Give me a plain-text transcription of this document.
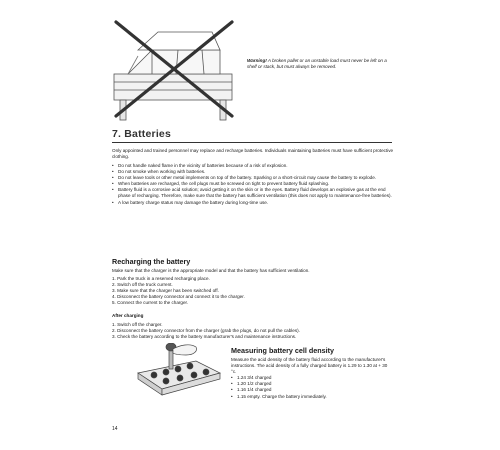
Warning! A broken pallet or an unstable load must never be left on a shelf or stack, but must always be removed.
7. Batteries
Only appointed and trained personnel may replace and recharge batteries. Individuals maintaining batteries must have sufficient protective clothing.
• Do not handle naked flame in the vicinity of batteries because of a risk of explosion.
• Do not smoke when working with batteries.
• Do not leave tools or other metal implements on top of the battery. Sparking or a short-circuit may cause the battery to explode.
• When batteries are recharged, the cell plugs must be screwed on tight to prevent battery fluid splashing.
• Battery fluid is a corrosive acid solution; avoid getting it on the skin or in the eyes. Battery fluid develops an explosive gas at the end phase of recharging. Therefore, make sure that the battery has sufficient ventilation (this does not apply to maintenance-free batteries).
• A low battery charge status may damage the battery during long-time use.
Recharging the battery
Make sure that the charger is the appropriate model and that the battery has sufficient ventilation.
1. Park the truck in a reserved recharging place.
2. Switch off the truck current.
3. Make sure that the charger has been switched off.
4. Disconnect the battery connector and connect it to the charger.
5. Connect the current to the charger.
After charging
1. Switch off the charger.
2. Disconnect the battery connector from the charger (grab the plugs, do not pull the cables).
3. Check the battery according to the battery manufacturer's and maintenance instructions.
Measuring battery cell density
Measure the acid density of the battery fluid according to the manufacturer's instructions. The acid density of a fully charged battery is 1.29 to 1.30 at + 30 °c.
• 1.24 3/4 charged
• 1.20 1/2 charged
• 1.16 1/4 charged
• 1.15 empty. Charge the battery immediately.
14
